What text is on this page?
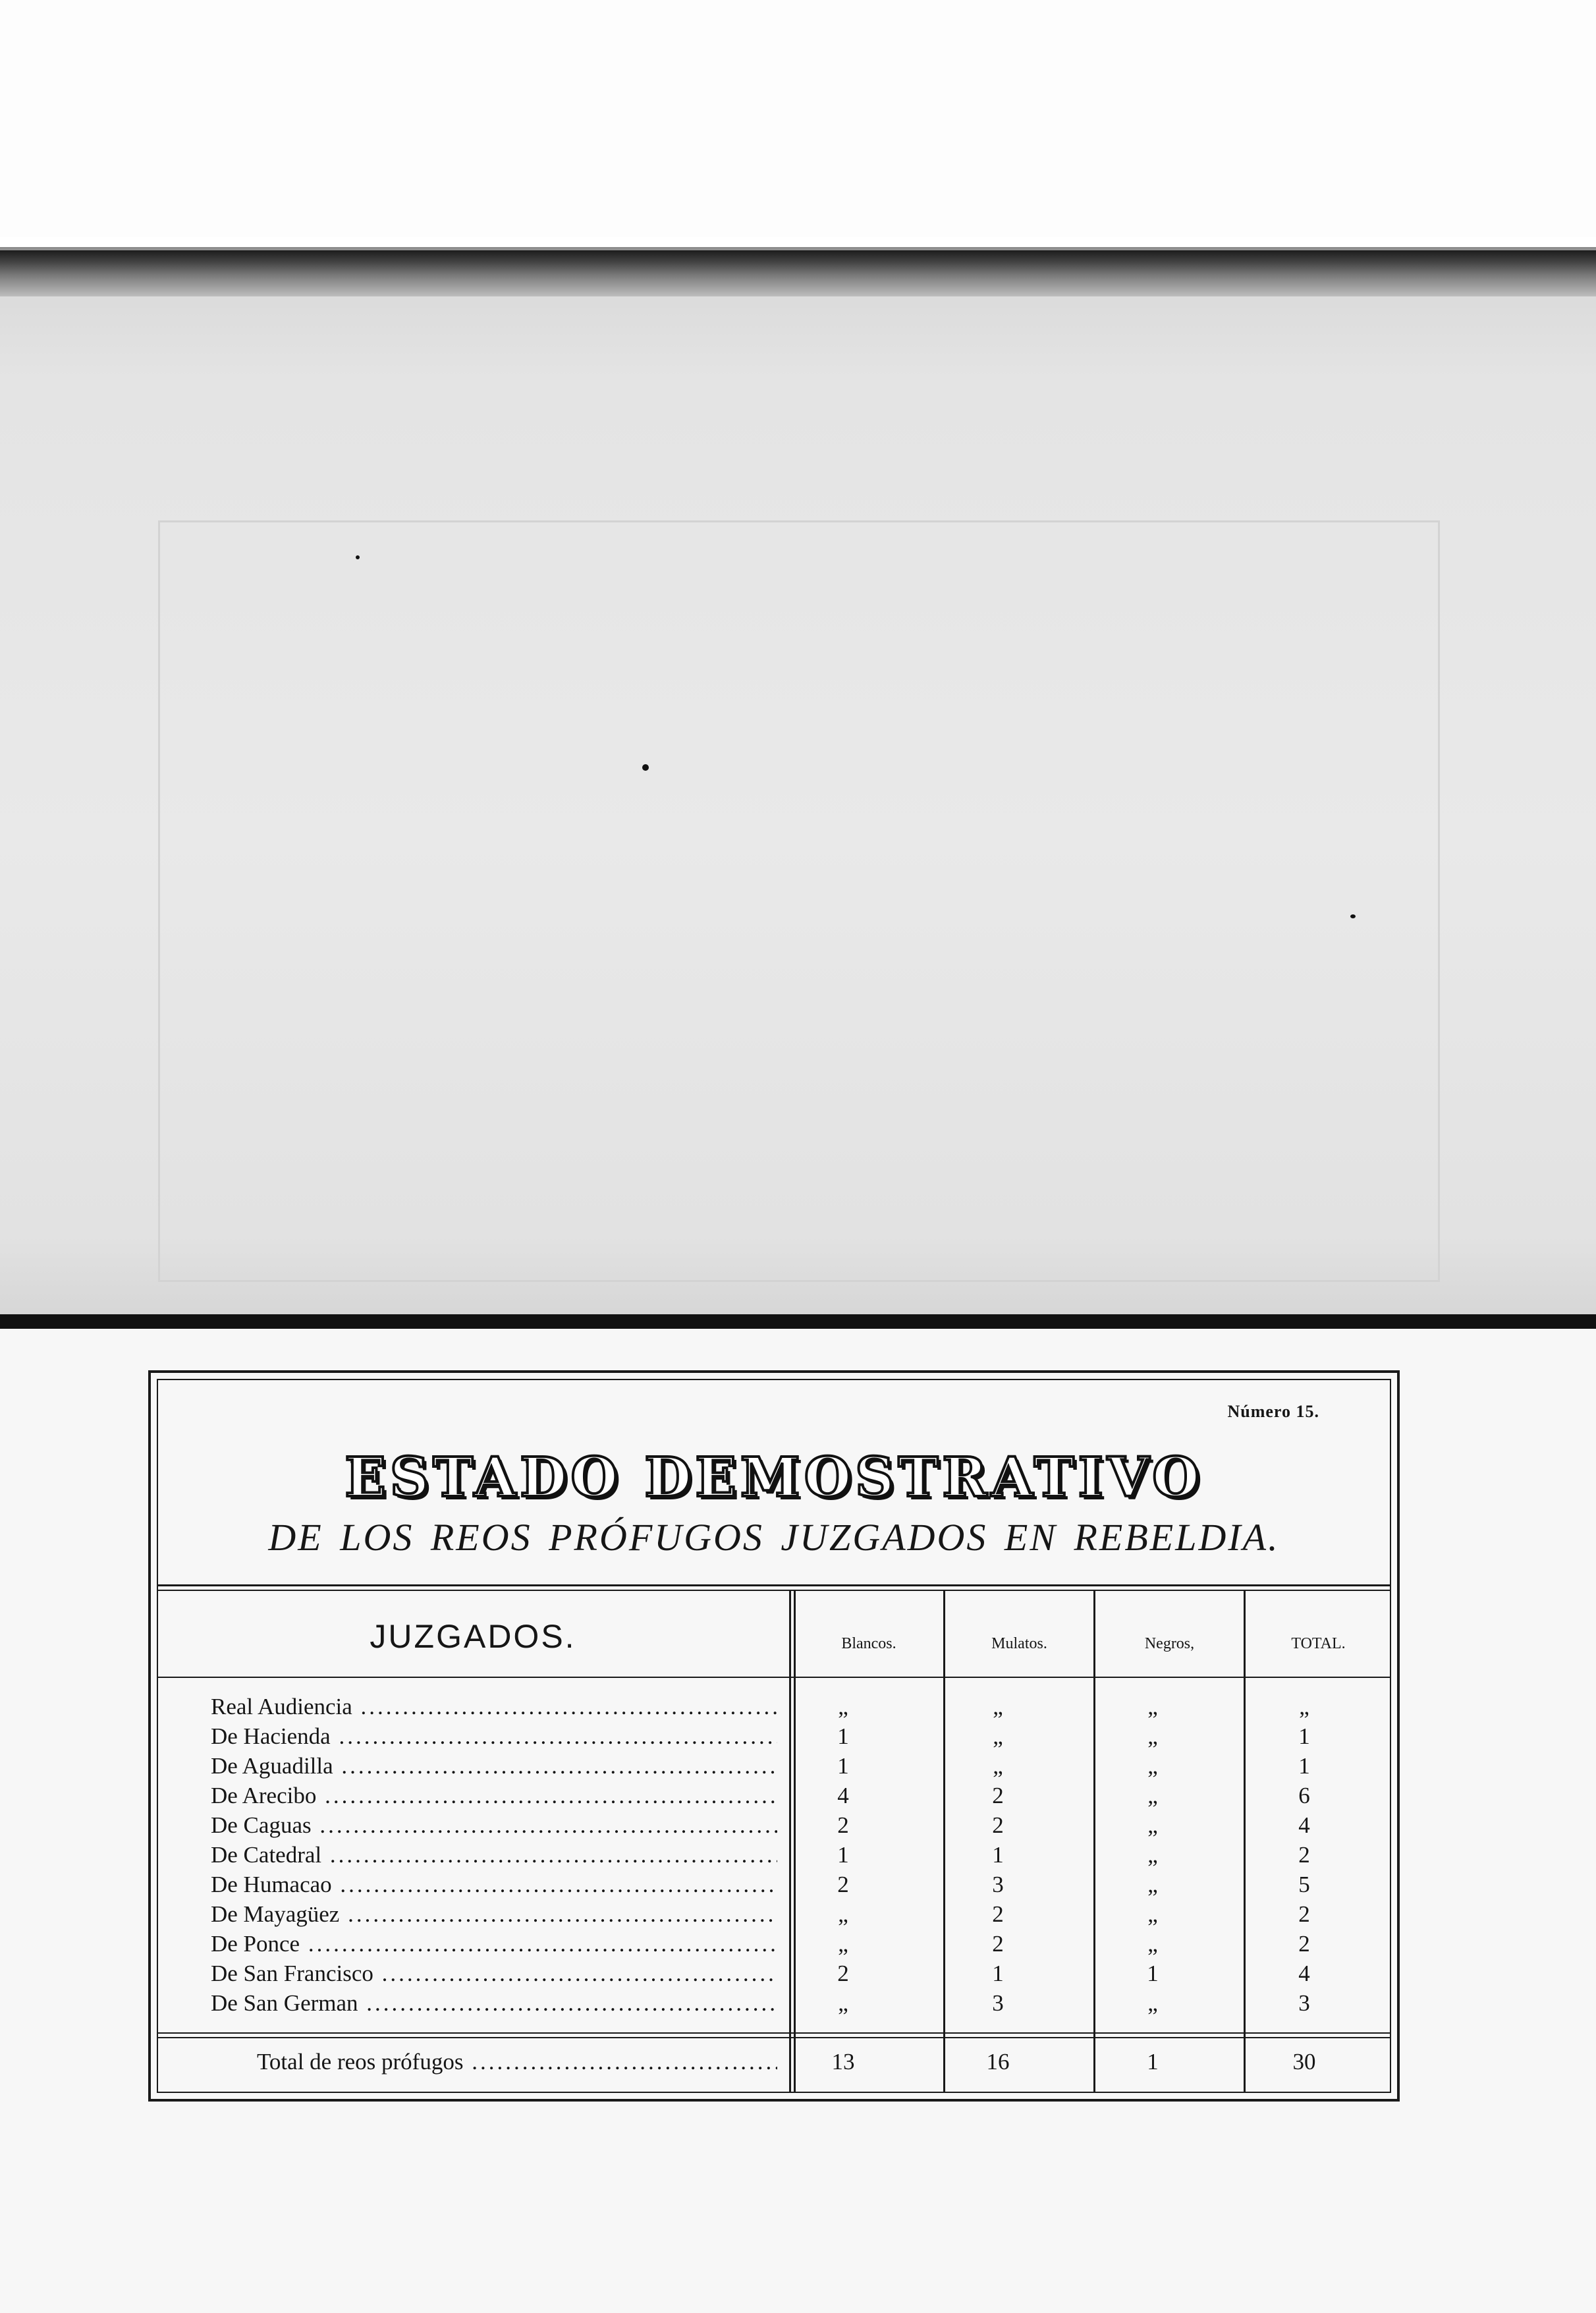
Número 15.
ESTADO DEMOSTRATIVO
DE LOS REOS PRÓFUGOS JUZGADOS EN REBELDIA.
JUZGADOS.	Blancos.	Mulatos.	Negros,	TOTAL.
Real Audiencia .....	„	„	„	„
De Hacienda .....	1	„	„	1
De Aguadilla .....	1	„	„	1
De Arecibo .....	4	2	„	6
De Caguas .....	2	2	„	4
De Catedral .....	1	1	„	2
De Humacao .....	2	3	„	5
De Mayagüez .....	„	2	„	2
De Ponce .....	„	2	„	2
De San Francisco .....	2	1	1	4
De San German .....	„	3	„	3
Total de reos prófugos .....	13	16	1	30
